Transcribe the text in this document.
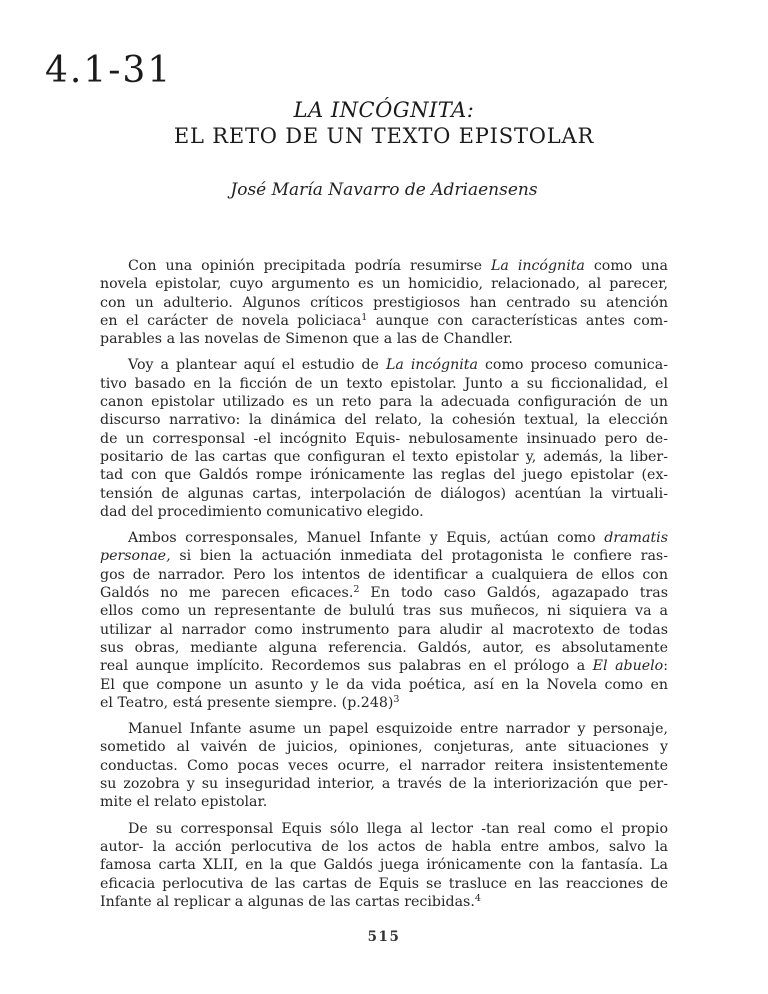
4.1-31
LA INCÓGNITA:
EL RETO DE UN TEXTO EPISTOLAR
José María Navarro de Adriaensens
Con una opinión precipitada podría resumirse La incógnita como una
novela epistolar, cuyo argumento es un homicidio, relacionado, al parecer,
con un adulterio. Algunos críticos prestigiosos han centrado su atención
en el carácter de novela policiaca$^1$ aunque con características antes com-
parables a las novelas de Simenon que a las de Chandler.
Voy a plantear aquí el estudio de La incógnita como proceso comunica-
tivo basado en la ficción de un texto epistolar. Junto a su ficcionalidad, el
canon epistolar utilizado es un reto para la adecuada configuración de un
discurso narrativo: la dinámica del relato, la cohesión textual, la elección
de un corresponsal -el incógnito Equis- nebulosamente insinuado pero de-
positario de las cartas que configuran el texto epistolar y, además, la liber-
tad con que Galdós rompe irónicamente las reglas del juego epistolar (ex-
tensión de algunas cartas, interpolación de diálogos) acentúan la virtuali-
dad del procedimiento comunicativo elegido.
Ambos corresponsales, Manuel Infante y Equis, actúan como dramatis
personae, si bien la actuación inmediata del protagonista le confiere ras-
gos de narrador. Pero los intentos de identificar a cualquiera de ellos con
Galdós no me parecen eficaces.$^2$ En todo caso Galdós, agazapado tras
ellos como un representante de bululú tras sus muñecos, ni siquiera va a
utilizar al narrador como instrumento para aludir al macrotexto de todas
sus obras, mediante alguna referencia. Galdós, autor, es absolutamente
real aunque implícito. Recordemos sus palabras en el prólogo a El abuelo:
El que compone un asunto y le da vida poética, así en la Novela como en
el Teatro, está presente siempre. $(p.248)^3$
Manuel Infante asume un papel esquizoide entre narrador y personaje,
sometido al vaivén de juicios, opiniones, conjeturas, ante situaciones y
conductas. Como pocas veces ocurre, el narrador reitera insistentemente
su zozobra y su inseguridad interior, a través de la interiorización que per-
mite el relato epistolar.
De su corresponsal Equis sólo llega al lector -tan real como el propio
autor- la acción perlocutiva de los actos de habla entre ambos, salvo la
famosa carta XLII, en la que Galdós juega irónicamente con la fantasía. La
eficacia perlocutiva de las cartas de Equis se trasluce en las reacciones de
Infante al replicar a algunas de las cartas recibidas.$^4$
515
